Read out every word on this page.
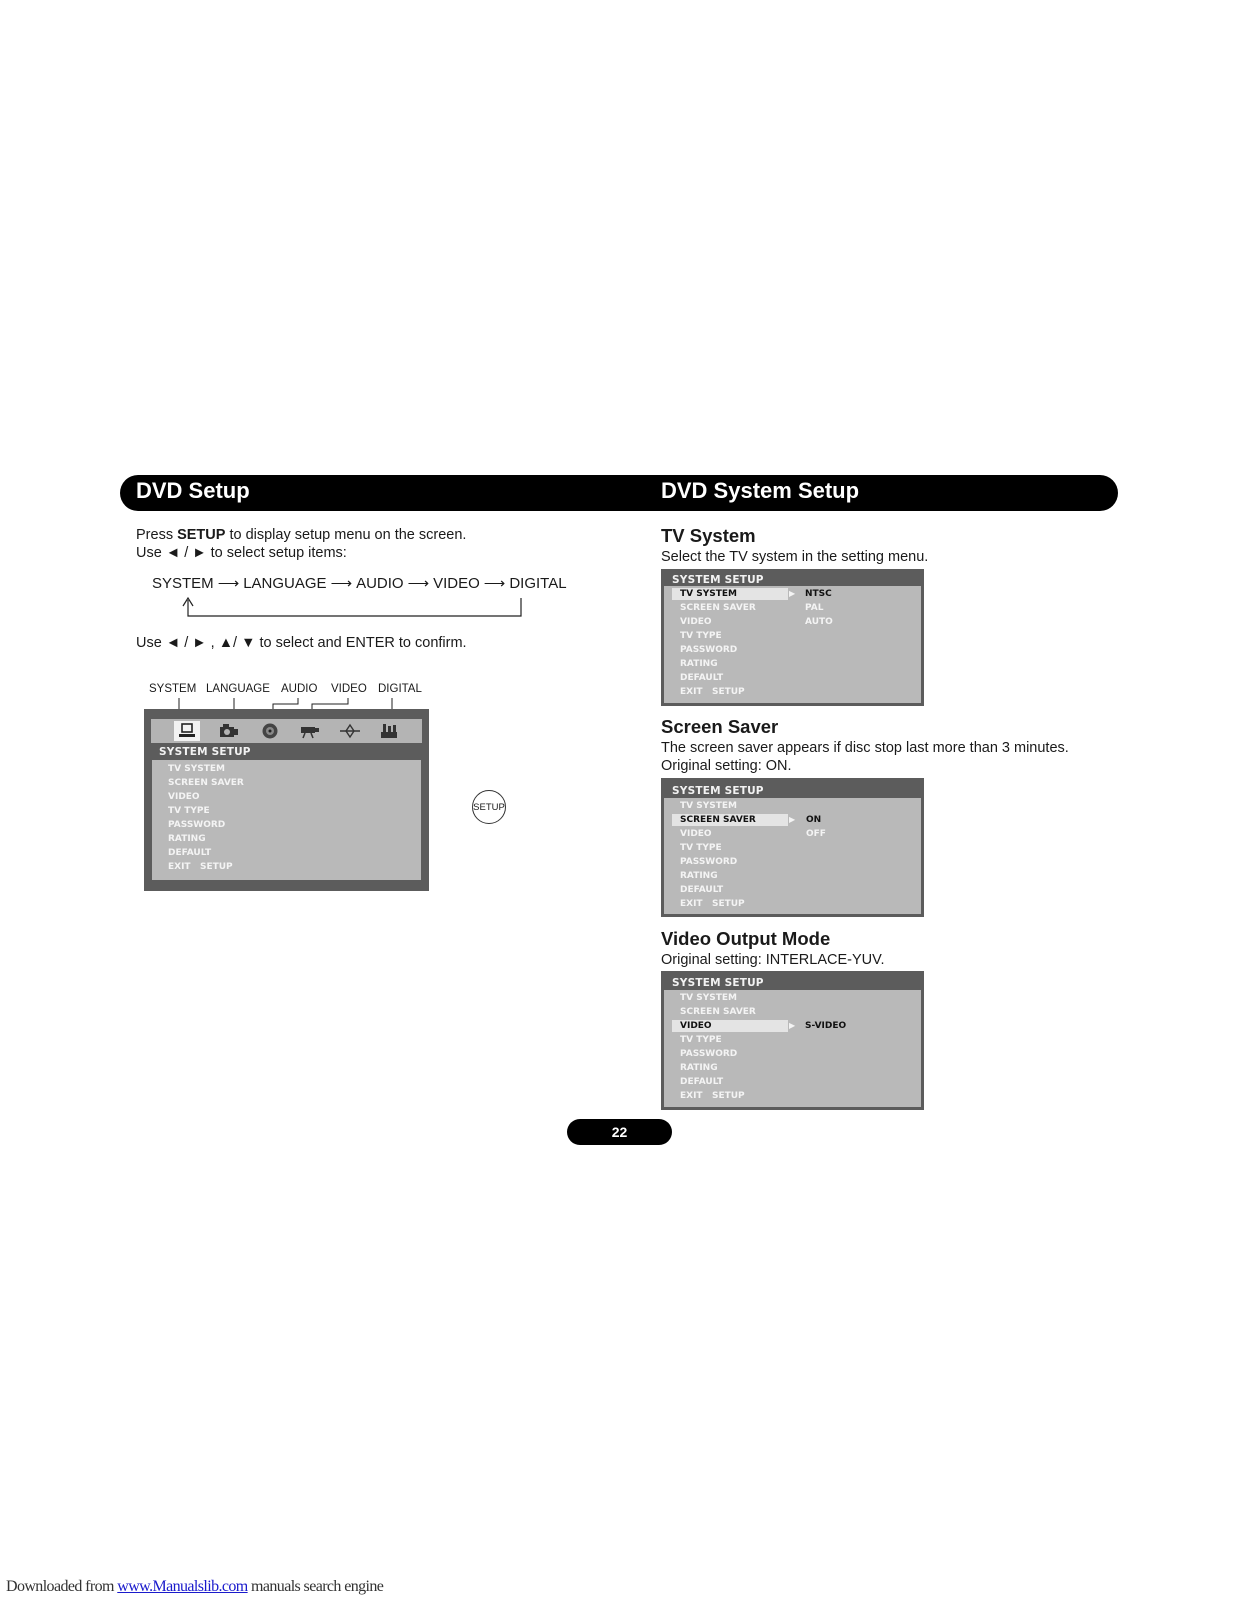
DVD Setup	DVD System Setup
Press SETUP to display setup menu on the screen.
Use ◄ / ► to select setup items:
SYSTEM ⟶ LANGUAGE ⟶ AUDIO ⟶ VIDEO ⟶ DIGITAL
Use ◄ / ► , ▲/ ▼ to select and ENTER to confirm.
SYSTEM LANGUAGE AUDIO VIDEO DIGITAL
SYSTEM SETUP
TV SYSTEM
SCREEN SAVER
VIDEO
TV TYPE
PASSWORD
RATING
DEFAULT
EXIT   SETUP
SETUP
TV System
Select the TV system in the setting menu.
SYSTEM SETUP
▶
TV SYSTEM
SCREEN SAVER
VIDEO
TV TYPE
PASSWORD
RATING
DEFAULT
EXIT   SETUP
NTSC
PAL
AUTO
Screen Saver
The screen saver appears if disc stop last more than 3 minutes.
Original setting: ON.
SYSTEM SETUP
▶
TV SYSTEM
SCREEN SAVER
VIDEO
TV TYPE
PASSWORD
RATING
DEFAULT
EXIT   SETUP
ON
OFF
Video Output Mode
Original setting: INTERLACE-YUV.
SYSTEM SETUP
▶
TV SYSTEM
SCREEN SAVER
VIDEO
TV TYPE
PASSWORD
RATING
DEFAULT
EXIT   SETUP
S-VIDEO
22
Downloaded from www.Manualslib.com manuals search engine
